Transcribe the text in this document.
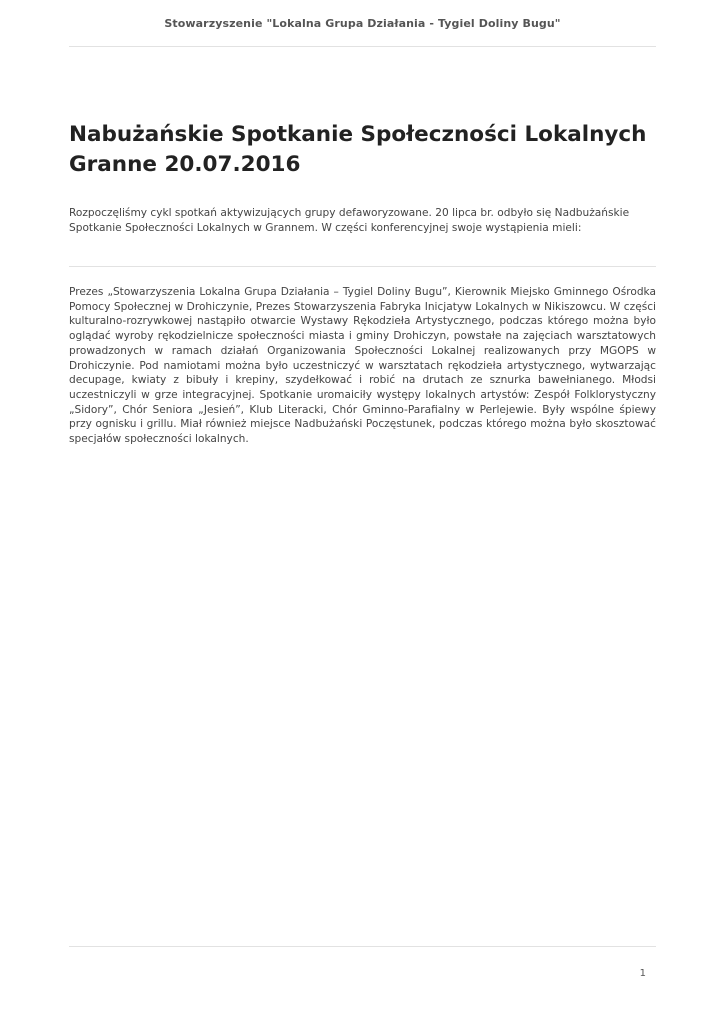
Stowarzyszenie "Lokalna Grupa Działania - Tygiel Doliny Bugu"
Nabużańskie Spotkanie Społeczności Lokalnych Granne 20.07.2016

Rozpoczęliśmy cykl spotkań aktywizujących grupy defaworyzowane. 20 lipca br. odbyło się Nadbużańskie Spotkanie Społeczności Lokalnych w Grannem. W części konferencyjnej swoje wystąpienia mieli:

Prezes „Stowarzyszenia Lokalna Grupa Działania – Tygiel Doliny Bugu”, Kierownik Miejsko Gminnego Ośrodka Pomocy Społecznej w Drohiczynie, Prezes Stowarzyszenia Fabryka Inicjatyw Lokalnych w Nikiszowcu. W części kulturalno-rozrywkowej nastąpiło otwarcie Wystawy Rękodzieła Artystycznego, podczas którego można było oglądać wyroby rękodzielnicze społeczności miasta i gminy Drohiczyn, powstałe na zajęciach warsztatowych prowadzonych w ramach działań Organizowania Społeczności Lokalnej realizowanych przy MGOPS w Drohiczynie. Pod namiotami można było uczestniczyć w warsztatach rękodzieła artystycznego, wytwarzając decupage, kwiaty z bibuły i krepiny, szydełkować i robić na drutach ze sznurka bawełnianego. Młodsi uczestniczyli w grze integracyjnej. Spotkanie uromaiciły występy lokalnych artystów: Zespół Folklorystyczny „Sidory”, Chór Seniora „Jesień”, Klub Literacki, Chór Gminno-Parafialny w Perlejewie. Były wspólne śpiewy przy ognisku i grillu. Miał również miejsce Nadbużański Poczęstunek, podczas którego można było skosztować specjałów społeczności lokalnych.

1
